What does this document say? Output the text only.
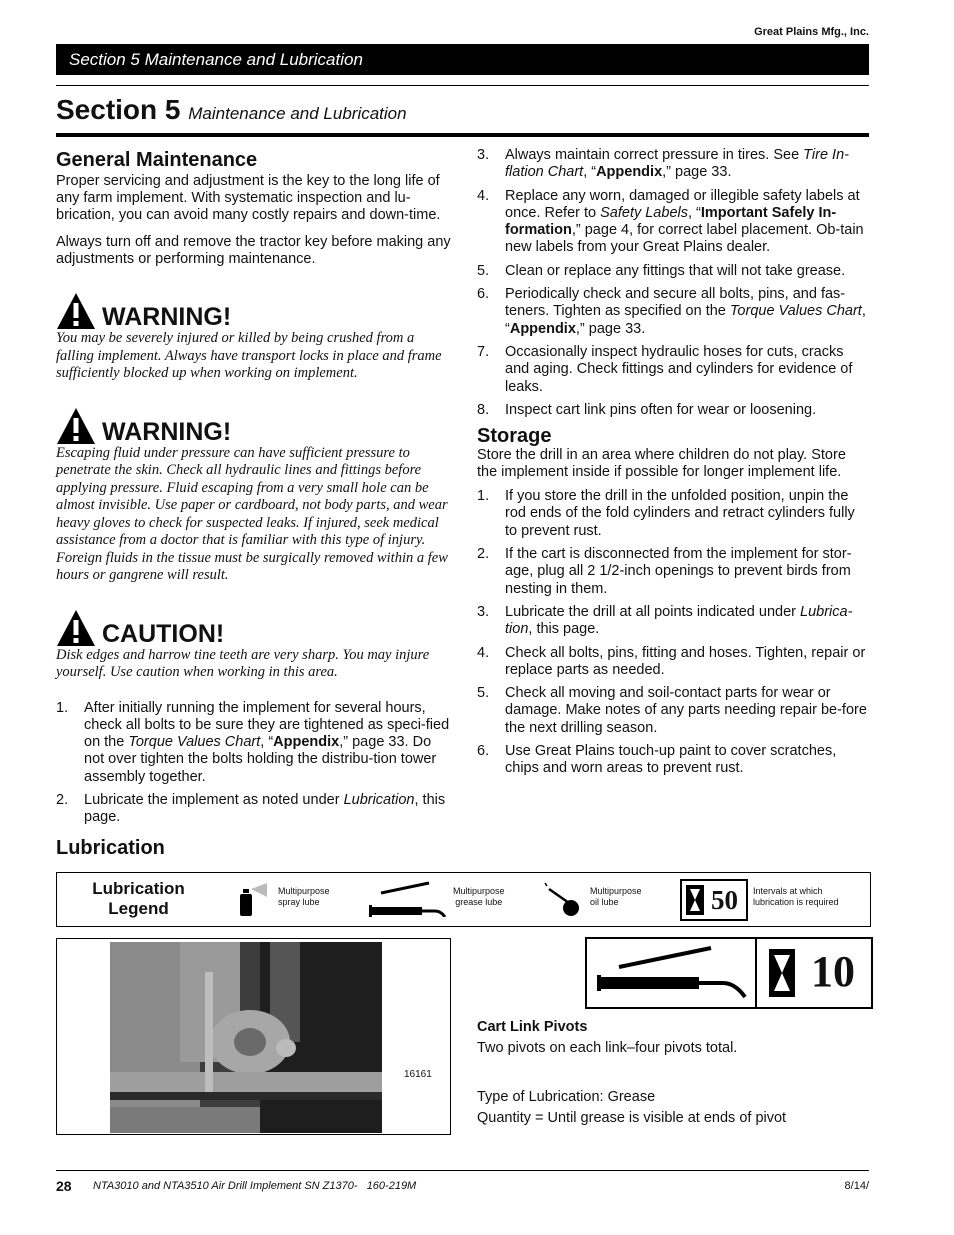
Great Plains Mfg., Inc.
Section 5 Maintenance and Lubrication
Section 5 Maintenance and Lubrication
General Maintenance

Proper servicing and adjustment is the key to the long life of any farm implement. With systematic inspection and lu-brication, you can avoid many costly repairs and down-time.

Always turn off and remove the tractor key before making any adjustments or performing maintenance.

WARNING!
You may be severely injured or killed by being crushed from a falling implement. Always have transport locks in place and frame sufficiently blocked up when working on implement.
WARNING!
Escaping fluid under pressure can have sufficient pressure to penetrate the skin. Check all hydraulic lines and fittings before applying pressure. Fluid escaping from a very small hole can be almost invisible. Use paper or cardboard, not body parts, and wear heavy gloves to check for suspected leaks. If injured, seek medical assistance from a doctor that is familiar with this type of injury. Foreign fluids in the tissue must be surgically removed within a few hours or gangrene will result.
CAUTION!
Disk edges and harrow tine teeth are very sharp. You may injure yourself. Use caution when working in this area.
1. After initially running the implement for several hours, check all bolts to be sure they are tightened as speci-fied on the Torque Values Chart, “Appendix,” page 33. Do not over tighten the bolts holding the distribu-tion tower assembly together.
2. Lubricate the implement as noted under Lubrication, this page.
3. Always maintain correct pressure in tires. See Tire In-flation Chart, “Appendix,” page 33.
4. Replace any worn, damaged or illegible safety labels at once. Refer to Safety Labels, “Important Safely In-formation,” page 4, for correct label placement. Ob-tain new labels from your Great Plains dealer.
5. Clean or replace any fittings that will not take grease.
6. Periodically check and secure all bolts, pins, and fas-teners. Tighten as specified on the Torque Values Chart, “Appendix,” page 33.
7. Occasionally inspect hydraulic hoses for cuts, cracks and aging. Check fittings and cylinders for evidence of leaks.
8. Inspect cart link pins often for wear or loosening.
Storage

Store the drill in an area where children do not play. Store the implement inside if possible for longer implement life.

1. If you store the drill in the unfolded position, unpin the rod ends of the fold cylinders and retract cylinders fully to prevent rust.
2. If the cart is disconnected from the implement for stor-age, plug all 2 1/2-inch openings to prevent birds from nesting in them.
3. Lubricate the drill at all points indicated under Lubrica-tion, this page.
4. Check all bolts, pins, fitting and hoses. Tighten, repair or replace parts as needed.
5. Check all moving and soil-contact parts for wear or damage. Make notes of any parts needing repair be-fore the next drilling season.
6. Use Great Plains touch-up paint to cover scratches, chips and worn areas to prevent rust.
Lubrication
Lubrication
Legend
Multipurpose
spray lube
Multipurpose
grease lube
Multipurpose
oil lube	50 Intervals at which
lubrication is required
16161
10

Cart Link Pivots

Two pivots on each link–four pivots total.

Type of Lubrication: Grease

Quantity = Until grease is visible at ends of pivot

28 NTA3010 and NTA3510 Air Drill Implement SN Z1370- 160-219M	8/14/
